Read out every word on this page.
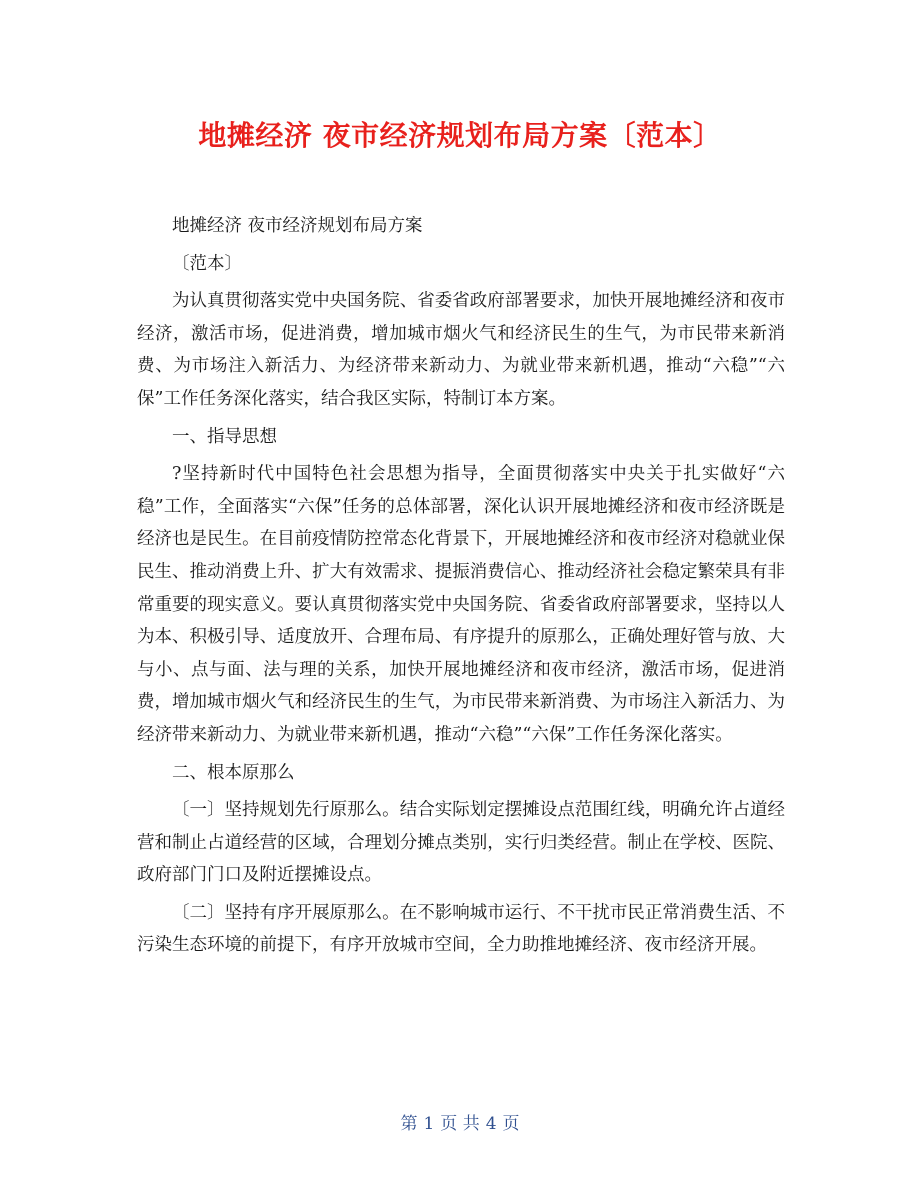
地摊经济 夜市经济规划布局方案〔范本〕

地摊经济 夜市经济规划布局方案

〔范本〕

为认真贯彻落实党中央国务院、省委省政府部署要求，加快开展地摊经济和夜市经济，激活市场，促进消费，增加城市烟火气和经济民生的生气，为市民带来新消费、为市场注入新活力、为经济带来新动力、为就业带来新机遇，推动“六稳”“六保”工作任务深化落实，结合我区实际，特制订本方案。

一、指导思想

?坚持新时代中国特色社会思想为指导，全面贯彻落实中央关于扎实做好“六稳”工作，全面落实“六保”任务的总体部署，深化认识开展地摊经济和夜市经济既是经济也是民生。在目前疫情防控常态化背景下，开展地摊经济和夜市经济对稳就业保民生、推动消费上升、扩大有效需求、提振消费信心、推动经济社会稳定繁荣具有非常重要的现实意义。要认真贯彻落实党中央国务院、省委省政府部署要求，坚持以人为本、积极引导、适度放开、合理布局、有序提升的原那么，正确处理好管与放、大与小、点与面、法与理的关系，加快开展地摊经济和夜市经济，激活市场，促进消费，增加城市烟火气和经济民生的生气，为市民带来新消费、为市场注入新活力、为经济带来新动力、为就业带来新机遇，推动“六稳”“六保”工作任务深化落实。

二、根本原那么

〔一〕坚持规划先行原那么。结合实际划定摆摊设点范围红线，明确允许占道经营和制止占道经营的区域，合理划分摊点类别，实行归类经营。制止在学校、医院、政府部门门口及附近摆摊设点。

〔二〕坚持有序开展原那么。在不影响城市运行、不干扰市民正常消费生活、不污染生态环境的前提下，有序开放城市空间，全力助推地摊经济、夜市经济开展。

第 1 页 共 4 页
